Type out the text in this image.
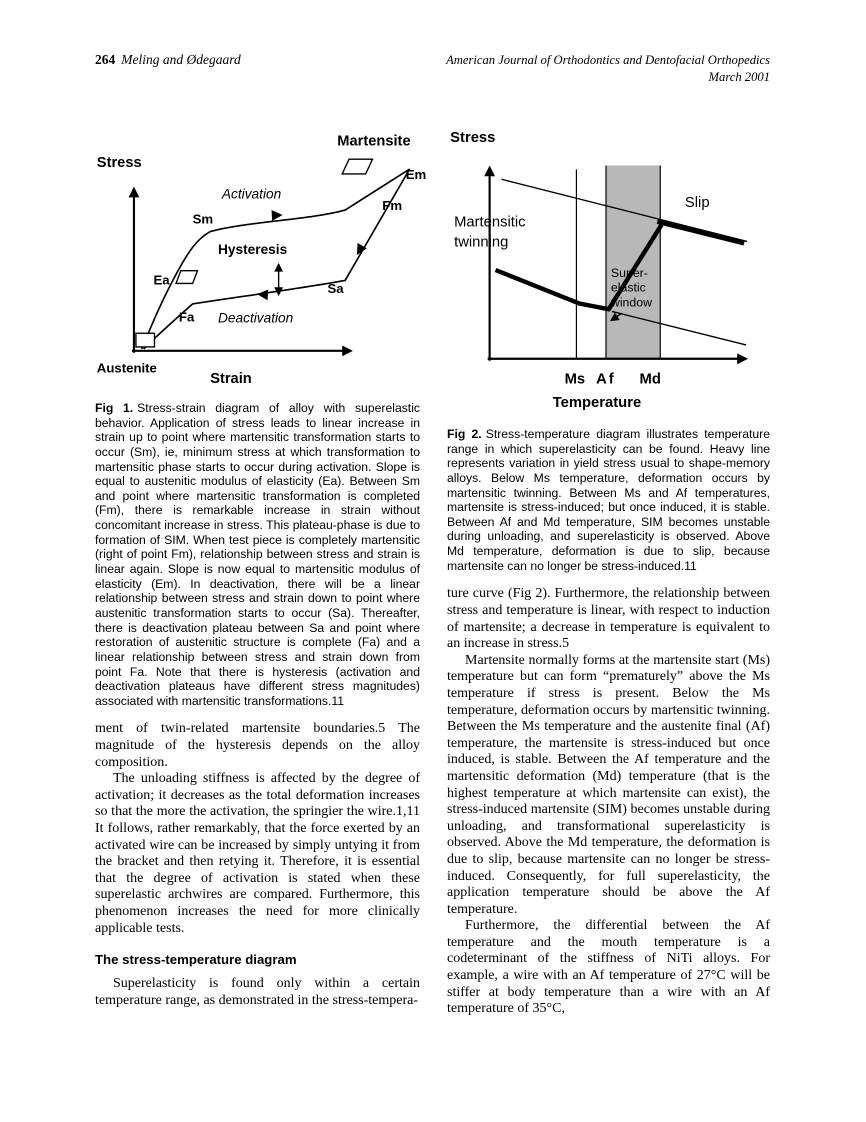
264 Meling and Ødegaard	American Journal of Orthodontics and Dentofacial Orthopedics
March 2001
Stress
Strain
Austenite
Martensite
Em
Fm
Sm
Ea
Fa
Sa
Activation
Deactivation
Hysteresis

Fig 1. Stress-strain diagram of alloy with superelastic behavior. Application of stress leads to linear increase in strain up to point where martensitic transformation starts to occur (Sm), ie, minimum stress at which transformation to martensitic phase starts to occur during activation. Slope is equal to austenitic modulus of elasticity (Ea). Between Sm and point where martensitic transformation is completed (Fm), there is remarkable increase in strain without concomitant increase in stress. This plateau-phase is due to formation of SIM. When test piece is completely martensitic (right of point Fm), relationship between stress and strain is linear again. Slope is now equal to martensitic modulus of elasticity (Em). In deactivation, there will be a linear relationship between stress and strain down to point where austenitic transformation starts to occur (Sa). Thereafter, there is deactivation plateau between Sa and point where restoration of austenitic structure is complete (Fa) and a linear relationship between stress and strain down from point Fa. Note that there is hysteresis (activation and deactivation plateaus have different stress magnitudes) associated with martensitic transformations.11

ment of twin-related martensite boundaries.5 The magnitude of the hysteresis depends on the alloy composition.

The unloading stiffness is affected by the degree of activation; it decreases as the total deformation increases so that the more the activation, the springier the wire.1,11 It follows, rather remarkably, that the force exerted by an activated wire can be increased by simply untying it from the bracket and then retying it. Therefore, it is essential that the degree of activation is stated when these superelastic archwires are compared. Furthermore, this phenomenon increases the need for more clinically applicable tests.

The stress-temperature diagram

Superelasticity is found only within a certain temperature range, as demonstrated in the stress-tempera-

Stress
Slip
Martensitic
twinning
Super-
elastic
window
Ms Af Md
Temperature

Fig 2. Stress-temperature diagram illustrates temperature range in which superelasticity can be found. Heavy line represents variation in yield stress usual to shape-memory alloys. Below Ms temperature, deformation occurs by martensitic twinning. Between Ms and Af temperatures, martensite is stress-induced; but once induced, it is stable. Between Af and Md temperature, SIM becomes unstable during unloading, and superelasticity is observed. Above Md temperature, deformation is due to slip, because martensite can no longer be stress-induced.11

ture curve (Fig 2). Furthermore, the relationship between stress and temperature is linear, with respect to induction of martensite; a decrease in temperature is equivalent to an increase in stress.5

Martensite normally forms at the martensite start (Ms) temperature but can form “prematurely” above the Ms temperature if stress is present. Below the Ms temperature, deformation occurs by martensitic twinning. Between the Ms temperature and the austenite final (Af) temperature, the martensite is stress-induced but once induced, is stable. Between the Af temperature and the martensitic deformation (Md) temperature (that is the highest temperature at which martensite can exist), the stress-induced martensite (SIM) becomes unstable during unloading, and transformational superelasticity is observed. Above the Md temperature, the deformation is due to slip, because martensite can no longer be stress-induced. Consequently, for full superelasticity, the application temperature should be above the Af temperature.

Furthermore, the differential between the Af temperature and the mouth temperature is a codeterminant of the stiffness of NiTi alloys. For example, a wire with an Af temperature of 27°C will be stiffer at body temperature than a wire with an Af temperature of 35°C,
